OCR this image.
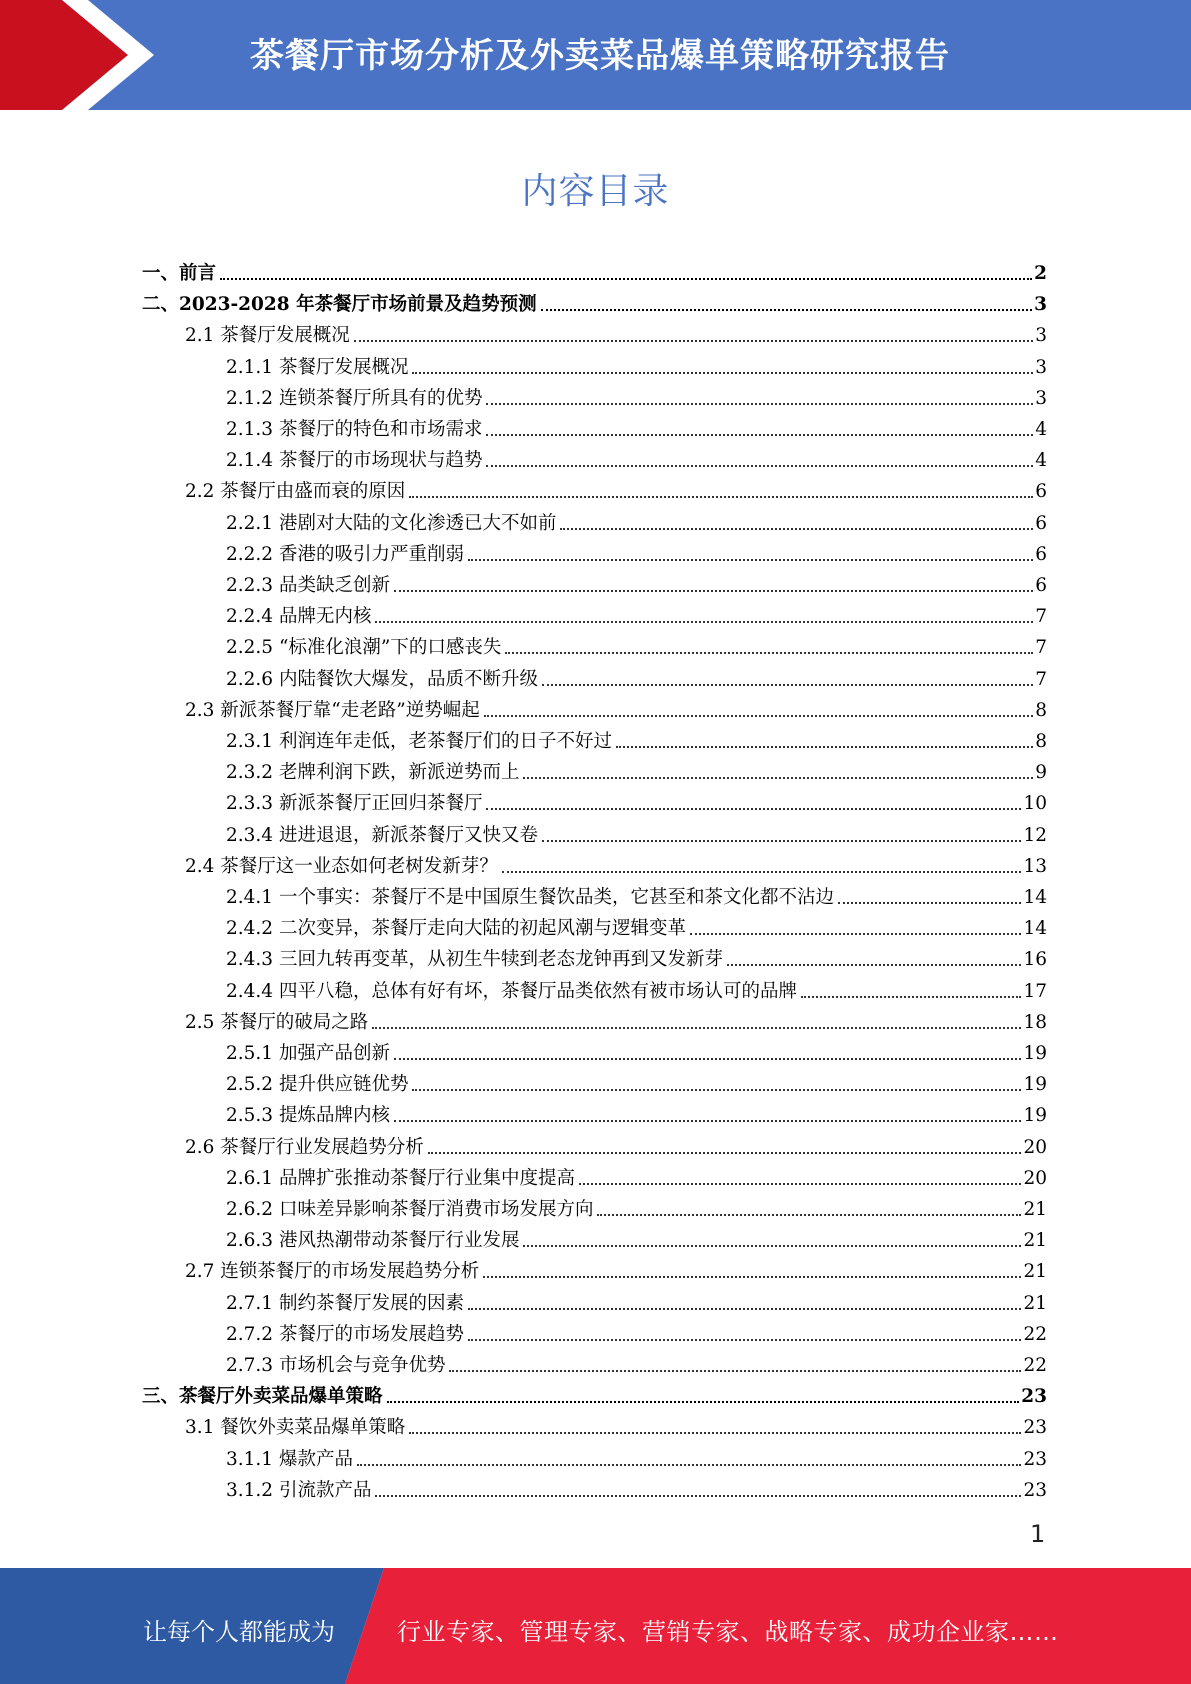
茶餐厅市场分析及外卖菜品爆单策略研究报告
内容目录
一、前言	2
二、2023-2028 年茶餐厅市场前景及趋势预测	3
2.1 茶餐厅发展概况	3
2.1.1 茶餐厅发展概况	3
2.1.2 连锁茶餐厅所具有的优势	3
2.1.3 茶餐厅的特色和市场需求	4
2.1.4 茶餐厅的市场现状与趋势	4
2.2 茶餐厅由盛而衰的原因	6
2.2.1 港剧对大陆的文化渗透已大不如前	6
2.2.2 香港的吸引力严重削弱	6
2.2.3 品类缺乏创新	6
2.2.4 品牌无内核	7
2.2.5 “标准化浪潮”下的口感丧失	7
2.2.6 内陆餐饮大爆发，品质不断升级	7
2.3 新派茶餐厅靠“走老路”逆势崛起	8
2.3.1 利润连年走低，老茶餐厅们的日子不好过	8
2.3.2 老牌利润下跌，新派逆势而上	9
2.3.3 新派茶餐厅正回归茶餐厅	10
2.3.4 进进退退，新派茶餐厅又快又卷	12
2.4 茶餐厅这一业态如何老树发新芽？	13
2.4.1 一个事实：茶餐厅不是中国原生餐饮品类，它甚至和茶文化都不沾边	14
2.4.2 二次变异，茶餐厅走向大陆的初起风潮与逻辑变革	14
2.4.3 三回九转再变革，从初生牛犊到老态龙钟再到又发新芽	16
2.4.4 四平八稳，总体有好有坏，茶餐厅品类依然有被市场认可的品牌	17
2.5 茶餐厅的破局之路	18
2.5.1 加强产品创新	19
2.5.2 提升供应链优势	19
2.5.3 提炼品牌内核	19
2.6 茶餐厅行业发展趋势分析	20
2.6.1 品牌扩张推动茶餐厅行业集中度提高	20
2.6.2 口味差异影响茶餐厅消费市场发展方向	21
2.6.3 港风热潮带动茶餐厅行业发展	21
2.7 连锁茶餐厅的市场发展趋势分析	21
2.7.1 制约茶餐厅发展的因素	21
2.7.2 茶餐厅的市场发展趋势	22
2.7.3 市场机会与竞争优势	22
三、茶餐厅外卖菜品爆单策略	23
3.1 餐饮外卖菜品爆单策略	23
3.1.1 爆款产品	23
3.1.2 引流款产品	23
1
让每个人都能成为	行业专家、管理专家、营销专家、战略专家、成功企业家……
